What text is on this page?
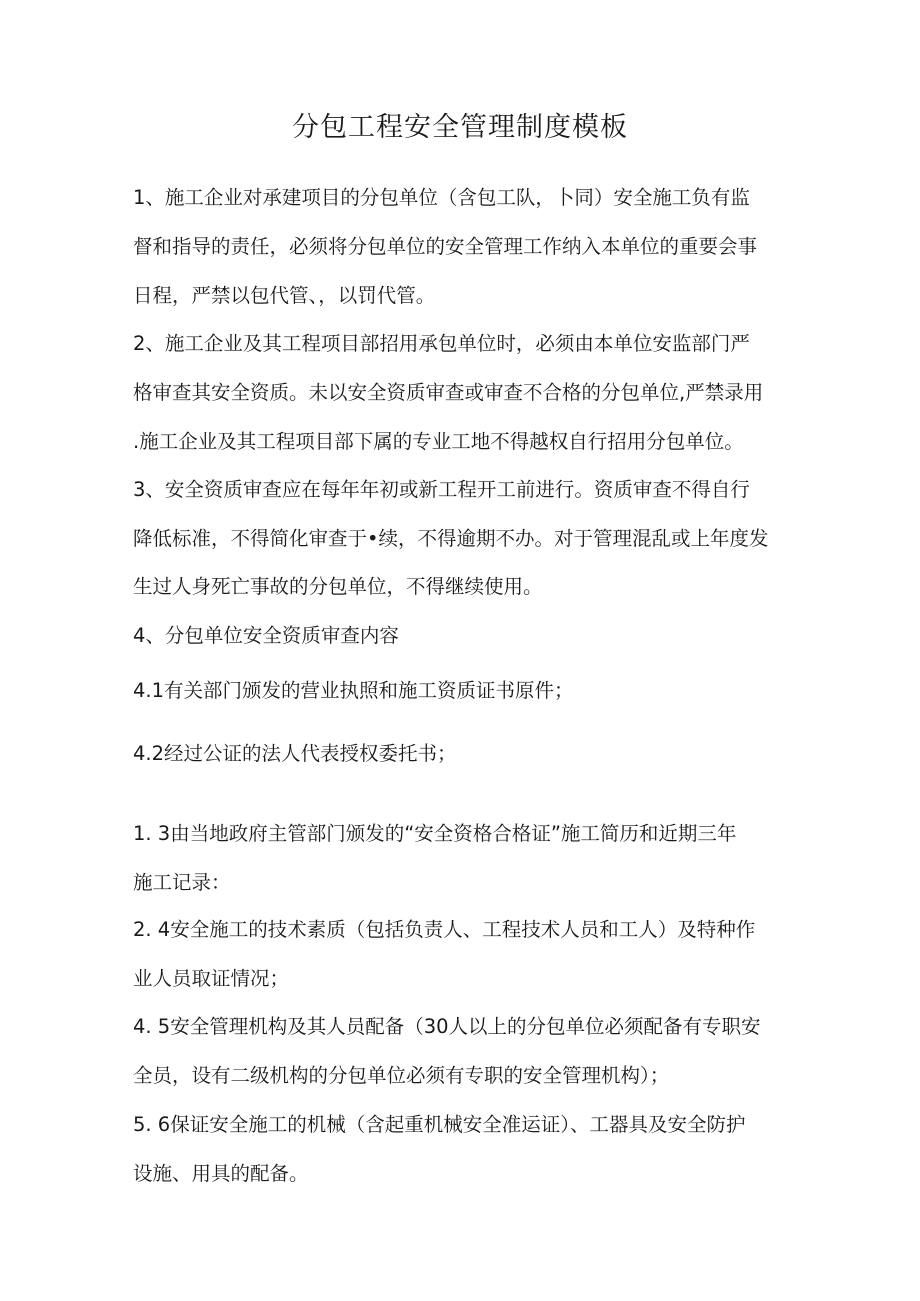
分包工程安全管理制度模板
1、施工企业对承建项目的分包单位（含包工队，卜同）安全施工负有监
督和指导的责任，必须将分包单位的安全管理工作纳入本单位的重要会事
日程，严禁以包代管、，以罚代管。
2、施工企业及其工程项目部招用承包单位时，必须由本单位安监部门严
格审查其安全资质。未以安全资质审查或审查不合格的分包单位,严禁录用
.施工企业及其工程项目部下属的专业工地不得越权自行招用分包单位。
3、安全资质审查应在每年年初或新工程开工前进行。资质审查不得自行
降低标准，不得简化审查于•续，不得逾期不办。对于管理混乱或上年度发
生过人身死亡事故的分包单位，不得继续使用。
4、分包单位安全资质审查内容
4.1有关部门颁发的营业执照和施工资质证书原件；
4.2经过公证的法人代表授权委托书；
1. 3由当地政府主管部门颁发的“安全资格合格证”施工简历和近期三年
施工记录：
2. 4安全施工的技术素质（包括负责人、工程技术人员和工人）及特种作
业人员取证情况；
4. 5安全管理机构及其人员配备（30人以上的分包单位必须配备有专职安
全员，设有二级机构的分包单位必须有专职的安全管理机构）；
5. 6保证安全施工的机械（含起重机械安全准运证）、工器具及安全防护
设施、用具的配备。
